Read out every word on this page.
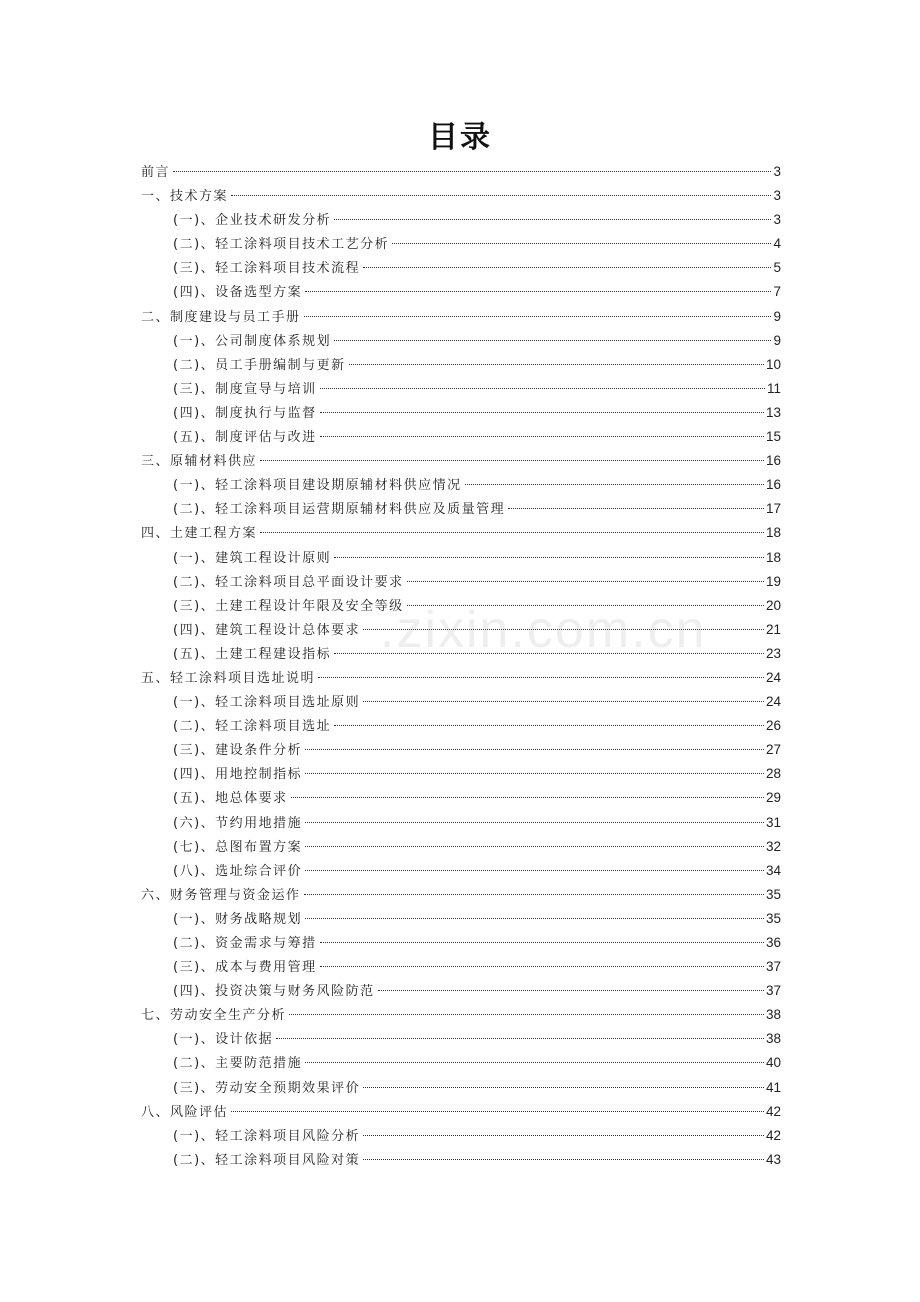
目录
前言	3
一、技术方案	3
(一)、企业技术研发分析	3
(二)、轻工涂料项目技术工艺分析	4
(三)、轻工涂料项目技术流程	5
(四)、设备选型方案	7
二、制度建设与员工手册	9
(一)、公司制度体系规划	9
(二)、员工手册编制与更新	10
(三)、制度宣导与培训	11
(四)、制度执行与监督	13
(五)、制度评估与改进	15
三、原辅材料供应	16
(一)、轻工涂料项目建设期原辅材料供应情况	16
(二)、轻工涂料项目运营期原辅材料供应及质量管理	17
四、土建工程方案	18
(一)、建筑工程设计原则	18
(二)、轻工涂料项目总平面设计要求	19
(三)、土建工程设计年限及安全等级	20
(四)、建筑工程设计总体要求	21
(五)、土建工程建设指标	23
五、轻工涂料项目选址说明	24
(一)、轻工涂料项目选址原则	24
(二)、轻工涂料项目选址	26
(三)、建设条件分析	27
(四)、用地控制指标	28
(五)、地总体要求	29
(六)、节约用地措施	31
(七)、总图布置方案	32
(八)、选址综合评价	34
六、财务管理与资金运作	35
(一)、财务战略规划	35
(二)、资金需求与筹措	36
(三)、成本与费用管理	37
(四)、投资决策与财务风险防范	37
七、劳动安全生产分析	38
(一)、设计依据	38
(二)、主要防范措施	40
(三)、劳动安全预期效果评价	41
八、风险评估	42
(一)、轻工涂料项目风险分析	42
(二)、轻工涂料项目风险对策	43
.zixin.com.cn
